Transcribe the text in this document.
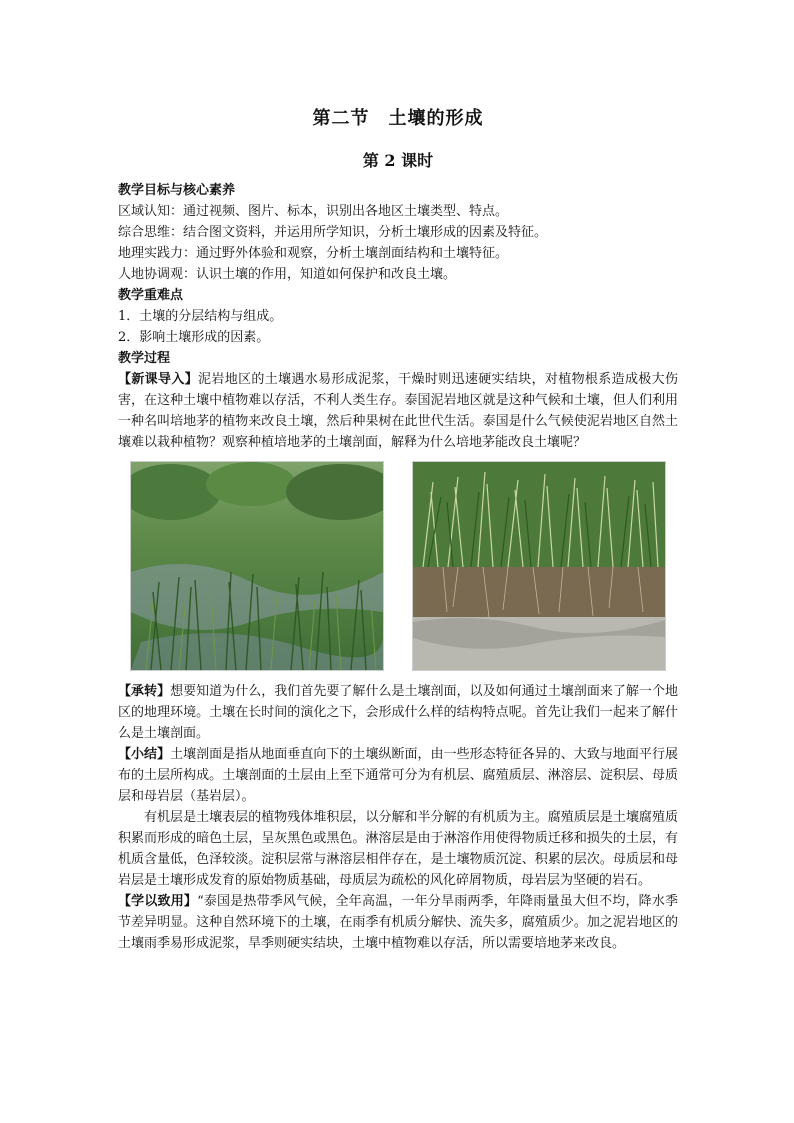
第二节　土壤的形成
第 2 课时

教学目标与核心素养

区域认知：通过视频、图片、标本，识别出各地区土壤类型、特点。

综合思维：结合图文资料，并运用所学知识，分析土壤形成的因素及特征。

地理实践力：通过野外体验和观察，分析土壤剖面结构和土壤特征。

人地协调观：认识土壤的作用，知道如何保护和改良土壤。

教学重难点

1．土壤的分层结构与组成。

2．影响土壤形成的因素。

教学过程

【新课导入】泥岩地区的土壤遇水易形成泥浆，干燥时则迅速硬实结块，对植物根系造成极大伤害，在这种土壤中植物难以存活，不利人类生存。泰国泥岩地区就是这种气候和土壤，但人们利用一种名叫培地茅的植物来改良土壤，然后种果树在此世代生活。泰国是什么气候使泥岩地区自然土壤难以栽种植物？观察种植培地茅的土壤剖面，解释为什么培地茅能改良土壤呢？

【承转】想要知道为什么，我们首先要了解什么是土壤剖面，以及如何通过土壤剖面来了解一个地区的地理环境。土壤在长时间的演化之下，会形成什么样的结构特点呢。首先让我们一起来了解什么是土壤剖面。

【小结】土壤剖面是指从地面垂直向下的土壤纵断面，由一些形态特征各异的、大致与地面平行展布的土层所构成。土壤剖面的土层由上至下通常可分为有机层、腐殖质层、淋溶层、淀积层、母质层和母岩层（基岩层）。

有机层是土壤表层的植物残体堆积层，以分解和半分解的有机质为主。腐殖质层是土壤腐殖质积累而形成的暗色土层，呈灰黑色或黑色。淋溶层是由于淋溶作用使得物质迁移和损失的土层，有机质含量低，色泽较淡。淀积层常与淋溶层相伴存在，是土壤物质沉淀、积累的层次。母质层和母岩层是土壤形成发育的原始物质基础，母质层为疏松的风化碎屑物质，母岩层为坚硬的岩石。

【学以致用】“泰国是热带季风气候，全年高温，一年分旱雨两季，年降雨量虽大但不均，降水季节差异明显。这种自然环境下的土壤，在雨季有机质分解快、流失多，腐殖质少。加之泥岩地区的土壤雨季易形成泥浆，旱季则硬实结块，土壤中植物难以存活，所以需要培地茅来改良。
